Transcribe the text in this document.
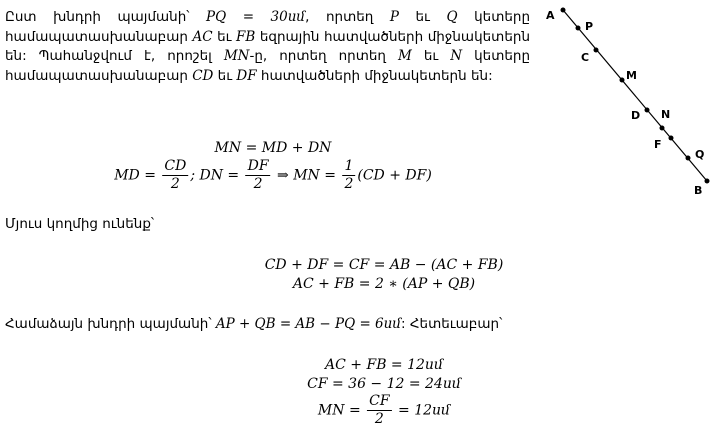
Ըստ խնդրի պայմանի՝ PQ = 30սմ, որտեղ P եւ Q կետերը համապատասխանաբար AC եւ FB եզրային հատվածների միջնակետերն են: Պահանջվում է, որոշել MN-ը, որտեղ որտեղ M եւ N կետերը համապատասխանաբար CD եւ DF հատվածների միջնակետերն են:
MN = MD + DN
MD = $\frac{CD}{2}$ ; DN = $\frac{DF}{2}$ ⇒ MN = $\frac{1}{2} (CD + DF)$
Մյուս կողմից ունենք՝
CD + DF = CF = AB − (AC + FB)
AC + FB = 2 ∗ (AP + QB)
Համաձայն խնդրի պայմանի՝ AP + QB = AB − PQ = 6սմ: Հետեւաբար՝
AC + FB = 12սմ
CF = 36 − 12 = 24սմ
MN = $\frac{CF}{2}$ = 12սմ
A
P
C
M
D N
F
Q
B
